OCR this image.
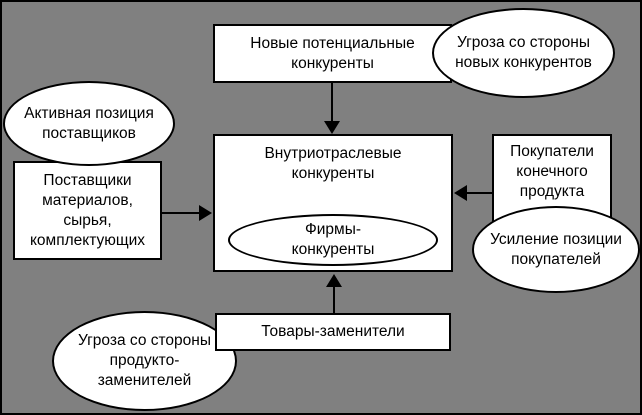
Новые потенциальные
конкуренты
Поставщики
материалов,
сырья,
комплектующих
Внутриотраслевые
конкуренты
Покупатели
конечного
продукта
Товары-заменители
Угроза со стороны
новых конкурентов
Активная позиция
поставщиков
Фирмы-
конкуренты
Усиление позиции
покупателей
Угроза со стороны
продукто-
заменителей
